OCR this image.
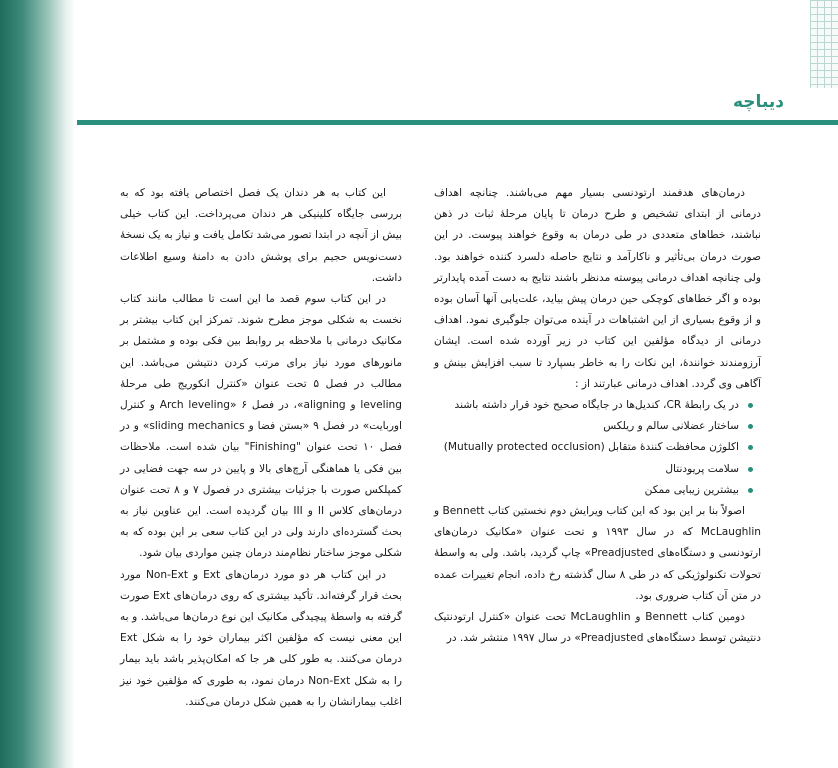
دیباچه

درمان‌های هدفمند ارتودنسی بسیار مهم می‌باشند. چنانچه اهداف درمانی از ابتدای تشخیص و طرح درمان تا پایان مرحلهٔ ثبات در ذهن نباشند، خطاهای متعددی در طی درمان به وقوع خواهند پیوست. در این صورت درمان بی‌تأثیر و ناکارآمد و نتایج حاصله دلسرد کننده خواهند بود. ولی چنانچه اهداف درمانی پیوسته مدنظر باشند نتایج به دست آمده پایدارتر بوده و اگر خطاهای کوچکی حین درمان پیش بیاید، علت‌یابی آنها آسان بوده و از وقوع بسیاری از این اشتباهات در آینده می‌توان جلوگیری نمود. اهداف درمانی از دیدگاه مؤلفین این کتاب در زیر آورده شده است. ایشان آرزومندند خوانندهٔ، این نکات را به خاطر بسپارد تا سبب افزایش بینش و آگاهی وی گردد. اهداف درمانی عبارتند از :

در یک رابطهٔ CR، کندیل‌ها در جایگاه صحیح خود قرار داشته باشند
ساختار عضلانی سالم و ریلکس
اکلوژن محافظت کنندهٔ متقابل (Mutually protected occlusion)
سلامت پریودنتال
بیشترین زیبایی ممکن

اصولاً بنا بر این بود که این کتاب ویرایش دوم نخستین کتاب Bennett و McLaughlin که در سال ۱۹۹۳ و تحت عنوان «مکانیک درمان‌های ارتودنسی و دستگاه‌های Preadjusted» چاپ گردید، باشد. ولی به واسطهٔ تحولات تکنولوژیکی که در طی ۸ سال گذشته رخ داده، انجام تغییرات عمده در متن آن کتاب ضروری بود.

دومین کتاب Bennett و McLaughlin تحت عنوان «کنترل ارتودنتیک دنتیشن توسط دستگاه‌های Preadjusted» در سال ۱۹۹۷ منتشر شد. در

این کتاب به هر دندان یک فصل اختصاص یافته بود که به بررسی جایگاه کلینیکی هر دندان می‌پرداخت. این کتاب خیلی بیش از آنچه در ابتدا تصور می‌شد تکامل یافت و نیاز به یک نسخهٔ دست‌نویس حجیم برای پوشش دادن به دامنهٔ وسیع اطلاعات داشت.

در این کتاب سوم قصد ما این است تا مطالب مانند کتاب نخست به شکلی موجز مطرح شوند. تمرکز این کتاب بیشتر بر مکانیک درمانی با ملاحظه بر روابط بین فکی بوده و مشتمل بر مانورهای مورد نیاز برای مرتب کردن دنتیشن می‌باشد. این مطالب در فصل ۵ تحت عنوان «کنترل انکوریج طی مرحلهٔ leveling و aligning»، در فصل ۶ «Arch leveling و کنترل اوربایت» در فصل ۹ «بستن فضا و sliding mechanics» و در فصل ۱۰ تحت عنوان "Finishing" بیان شده است. ملاحظات بین فکی یا هماهنگی آرچ‌های بالا و پایین در سه جهت فضایی در کمپلکس صورت با جزئیات بیشتری در فصول ۷ و ۸ تحت عنوان درمان‌های کلاس II و III بیان گردیده است. این عناوین نیاز به بحث گسترده‌ای دارند ولی در این کتاب سعی بر این بوده که به شکلی موجز ساختار نظام‌مند درمان چنین مواردی بیان شود.

در این کتاب هر دو مورد درمان‌های Ext و Non-Ext مورد بحث قرار گرفته‌اند. تأکید بیشتری که روی درمان‌های Ext صورت گرفته به واسطهٔ پیچیدگی مکانیک این نوع درمان‌ها می‌باشد. و به این معنی نیست که مؤلفین اکثر بیماران خود را به شکل Ext درمان می‌کنند. به طور کلی هر جا که امکان‌پذیر باشد باید بیمار را به شکل Non-Ext درمان نمود، به طوری که مؤلفین خود نیز اغلب بیمارانشان را به همین شکل درمان می‌کنند.
